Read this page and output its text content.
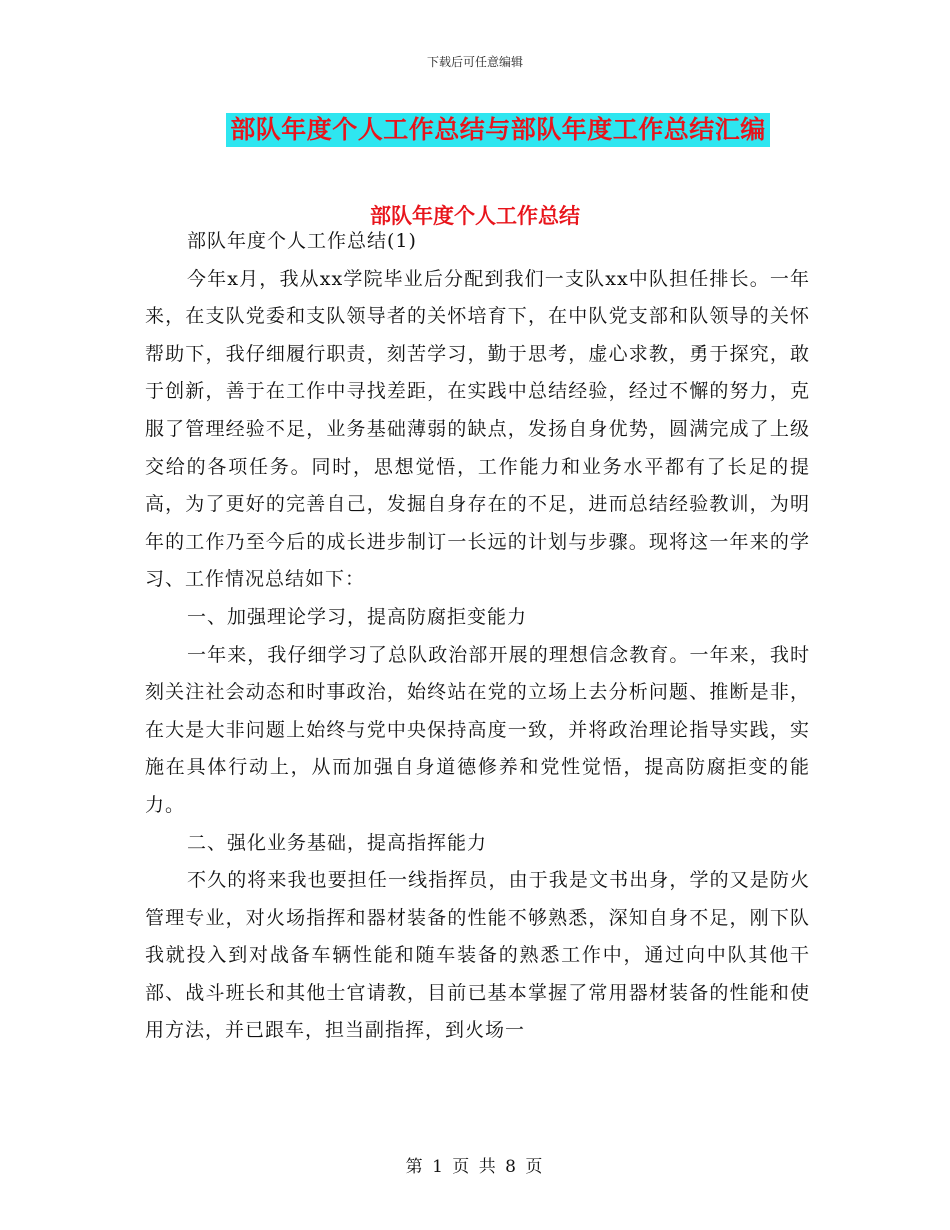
下载后可任意编辑
部队年度个人工作总结与部队年度工作总结汇编
部队年度个人工作总结

部队年度个人工作总结(1)

今年x月，我从xx学院毕业后分配到我们一支队xx中队担任排长。一年来，在支队党委和支队领导者的关怀培育下，在中队党支部和队领导的关怀帮助下，我仔细履行职责，刻苦学习，勤于思考，虚心求教，勇于探究，敢于创新，善于在工作中寻找差距，在实践中总结经验，经过不懈的努力，克服了管理经验不足，业务基础薄弱的缺点，发扬自身优势，圆满完成了上级交给的各项任务。同时，思想觉悟，工作能力和业务水平都有了长足的提高，为了更好的完善自己，发掘自身存在的不足，进而总结经验教训，为明年的工作乃至今后的成长进步制订一长远的计划与步骤。现将这一年来的学习、工作情况总结如下：

一、加强理论学习，提高防腐拒变能力

一年来，我仔细学习了总队政治部开展的理想信念教育。一年来，我时刻关注社会动态和时事政治，始终站在党的立场上去分析问题、推断是非，在大是大非问题上始终与党中央保持高度一致，并将政治理论指导实践，实施在具体行动上，从而加强自身道德修养和党性觉悟，提高防腐拒变的能力。

二、强化业务基础，提高指挥能力

不久的将来我也要担任一线指挥员，由于我是文书出身，学的又是防火管理专业，对火场指挥和器材装备的性能不够熟悉，深知自身不足，刚下队我就投入到对战备车辆性能和随车装备的熟悉工作中，通过向中队其他干部、战斗班长和其他士官请教，目前已基本掌握了常用器材装备的性能和使用方法，并已跟车，担当副指挥，到火场一

第 1 页 共 8 页
